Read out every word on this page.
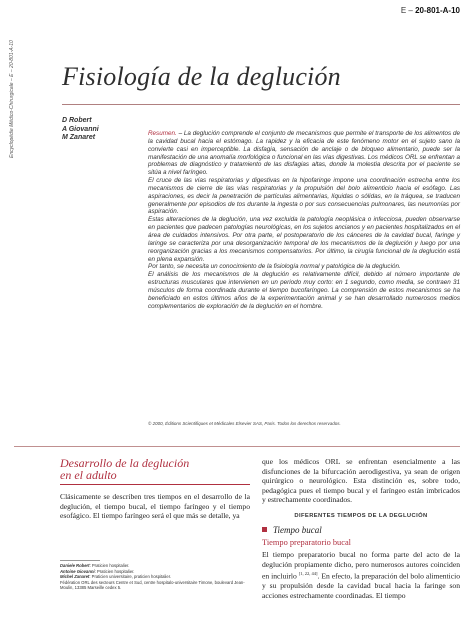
E – 20-801-A-10
Encyclopédie Médico-Chirurgicale – E – 20-801-A-10 Fisiología de la deglución
D Robert
A Giovanni
M Zanaret

Resumen. – La deglución comprende el conjunto de mecanismos que permite el transporte de los alimentos de la cavidad bucal hacia el estómago. La rapidez y la eficacia de este fenómeno motor en el sujeto sano la convierte casi en imperceptible. La disfagia, sensación de anclaje o de bloqueo alimentario, puede ser la manifestación de una anomalía morfológica o funcional en las vías digestivas. Los médicos ORL se enfrentan a problemas de diagnóstico y tratamiento de las disfagias altas, donde la molestia descrita por el paciente se sitúa a nivel faríngeo.

El cruce de las vías respiratorias y digestivas en la hipofaringe impone una coordinación estrecha entre los mecanismos de cierre de las vías respiratorias y la propulsión del bolo alimenticio hacia el esófago. Las aspiraciones, es decir la penetración de partículas alimentarias, líquidas o sólidas, en la tráquea, se traducen generalmente por episodios de tos durante la ingesta o por sus consecuencias pulmonares, las neumonías por aspiración.

Estas alteraciones de la deglución, una vez excluida la patología neoplásica o infecciosa, pueden observarse en pacientes que padecen patologías neurológicas, en los sujetos ancianos y en pacientes hospitalizados en el área de cuidados intensivos. Por otra parte, el postoperatorio de los cánceres de la cavidad bucal, faringe y laringe se caracteriza por una desorganización temporal de los mecanismos de la deglución y luego por una reorganización gracias a los mecanismos compensatorios. Por último, la cirugía funcional de la deglución está en plena expansión.

Por tanto, se necesita un conocimiento de la fisiología normal y patológica de la deglución.

El análisis de los mecanismos de la deglución es relativamente difícil, debido al número importante de estructuras musculares que intervienen en un periodo muy corto: en 1 segundo, como media, se contraen 31 músculos de forma coordinada durante el tiempo bucofaríngeo. La comprensión de estos mecanismos se ha beneficiado en estos últimos años de la experimentación animal y se han desarrollado numerosos medios complementarios de exploración de la deglución en el hombre.

© 2000, Éditions Scientifiques et Médicales Elsevier SAS, Paris. Todos los derechos reservados.
Desarrollo de la deglución
en el adulto

Clásicamente se describen tres tiempos en el desarrollo de la deglución, el tiempo bucal, el tiempo faríngeo y el tiempo esofágico. El tiempo faríngeo será el que más se detalle, ya

Daniele Robert: Praticien hospitalier.
Antoine Giovanni: Praticien hospitalier.
Michel Zanaret: Praticien universitaire, praticien hospitalier.
Fédération ORL des secteurs Centre et Sud, centre hospitalo-universitaire Timone, boulevard Jean-Moulin, 13385 Marseille cedex 5.

que los médicos ORL se enfrentan esencialmente a las disfunciones de la bifurcación aerodigestiva, ya sean de origen quirúrgico o neurológico. Esta distinción es, sobre todo, pedagógica pues el tiempo bucal y el faríngeo están imbricados y estrechamente coordinados.

DIFERENTES TIEMPOS DE LA DEGLUCIÓN
Tiempo bucal
Tiempo preparatorio bucal

El tiempo preparatorio bucal no forma parte del acto de la deglución propiamente dicho, pero numerosos autores coinciden en incluirlo [1, 22, 44]. En efecto, la preparación del bolo alimenticio y su propulsión desde la cavidad bucal hacia la faringe son acciones estrechamente coordinadas. El tiempo
